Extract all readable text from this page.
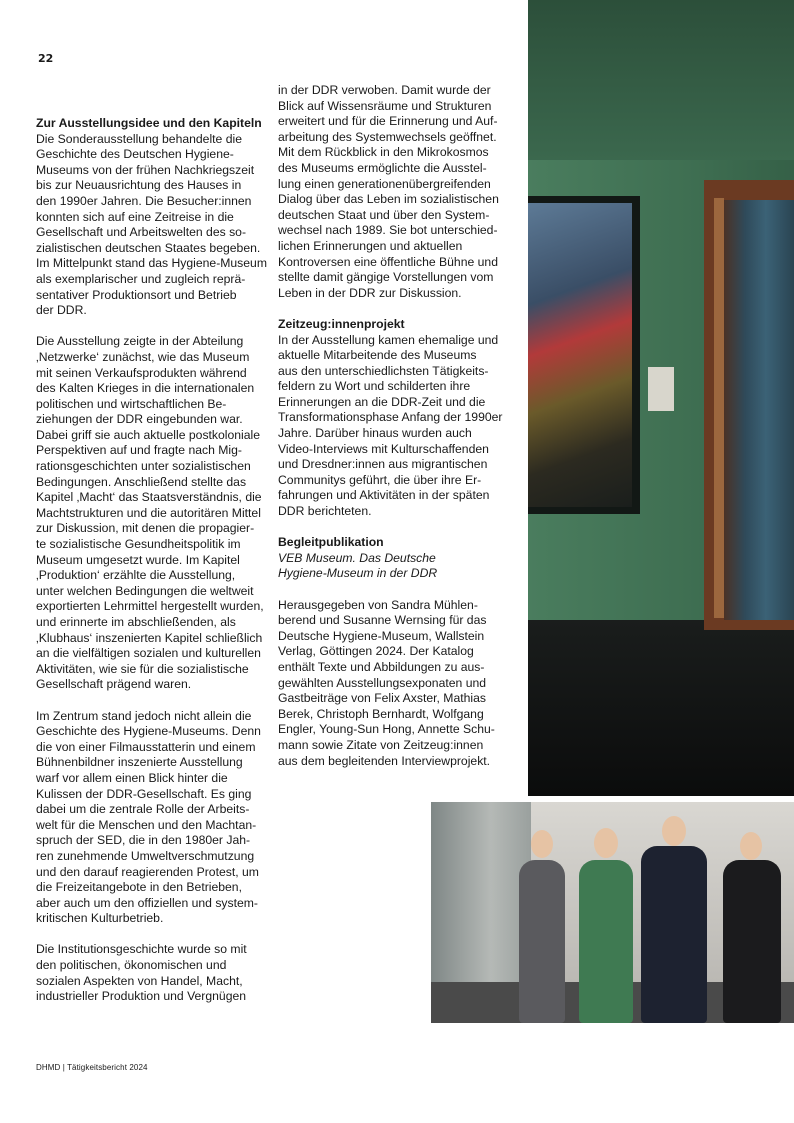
22
Zur Ausstellungsidee und den Kapiteln

Die Sonderausstellung behandelte die
Geschichte des Deutschen Hygiene-
Museums von der frühen Nachkriegszeit
bis zur Neuausrichtung des Hauses in
den 1990er Jahren. Die Besucher:innen
konnten sich auf eine Zeitreise in die
Gesellschaft und Arbeitswelten des so-
zialistischen deutschen Staates begeben.
Im Mittelpunkt stand das Hygiene-Museum
als exemplarischer und zugleich reprä-
sentativer Produktionsort und Betrieb
der DDR.

Die Ausstellung zeigte in der Abteilung
‚Netzwerke‘ zunächst, wie das Museum
mit seinen Verkaufsprodukten während
des Kalten Krieges in die internationalen
politischen und wirtschaftlichen Be-
ziehungen der DDR eingebunden war.
Dabei griff sie auch aktuelle postkoloniale
Perspektiven auf und fragte nach Mig-
rationsgeschichten unter sozialistischen
Bedingungen. Anschließend stellte das
Kapitel ‚Macht‘ das Staatsverständnis, die
Machtstrukturen und die autoritären Mittel
zur Diskussion, mit denen die propagier-
te sozialistische Gesundheitspolitik im
Museum umgesetzt wurde. Im Kapitel
‚Produktion‘ erzählte die Ausstellung,
unter welchen Bedingungen die weltweit
exportierten Lehrmittel hergestellt wurden,
und erinnerte im abschließenden, als
‚Klubhaus‘ inszenierten Kapitel schließlich
an die vielfältigen sozialen und kulturellen
Aktivitäten, wie sie für die sozialistische
Gesellschaft prägend waren.

Im Zentrum stand jedoch nicht allein die
Geschichte des Hygiene-Museums. Denn
die von einer Filmausstatterin und einem
Bühnenbildner inszenierte Ausstellung
warf vor allem einen Blick hinter die
Kulissen der DDR-Gesellschaft. Es ging
dabei um die zentrale Rolle der Arbeits-
welt für die Menschen und den Machtan-
spruch der SED, die in den 1980er Jah-
ren zunehmende Umweltverschmutzung
und den darauf reagierenden Protest, um
die Freizeitangebote in den Betrieben,
aber auch um den offiziellen und system-
kritischen Kulturbetrieb.

Die Institutionsgeschichte wurde so mit
den politischen, ökonomischen und
sozialen Aspekten von Handel, Macht,
industrieller Produktion und Vergnügen

in der DDR verwoben. Damit wurde der
Blick auf Wissensräume und Strukturen
erweitert und für die Erinnerung und Auf-
arbeitung des Systemwechsels geöffnet.
Mit dem Rückblick in den Mikrokosmos
des Museums ermöglichte die Ausstel-
lung einen generationenübergreifenden
Dialog über das Leben im sozialistischen
deutschen Staat und über den System-
wechsel nach 1989. Sie bot unterschied-
lichen Erinnerungen und aktuellen
Kontroversen eine öffentliche Bühne und
stellte damit gängige Vorstellungen vom
Leben in der DDR zur Diskussion.

Zeitzeug:innenprojekt

In der Ausstellung kamen ehemalige und
aktuelle Mitarbeitende des Museums
aus den unterschiedlichsten Tätigkeits-
feldern zu Wort und schilderten ihre
Erinnerungen an die DDR-Zeit und die
Transformationsphase Anfang der 1990er
Jahre. Darüber hinaus wurden auch
Video-Interviews mit Kulturschaffenden
und Dresdner:innen aus migrantischen
Communitys geführt, die über ihre Er-
fahrungen und Aktivitäten in der späten
DDR berichteten.

Begleitpublikation

VEB Museum. Das Deutsche
Hygiene-Museum in der DDR

Herausgegeben von Sandra Mühlen-
berend und Susanne Wernsing für das
Deutsche Hygiene-Museum, Wallstein
Verlag, Göttingen 2024. Der Katalog
enthält Texte und Abbildungen zu aus-
gewählten Ausstellungsexponaten und
Gastbeiträge von Felix Axster, Mathias
Berek, Christoph Bernhardt, Wolfgang
Engler, Young-Sun Hong, Annette Schu-
mann sowie Zitate von Zeitzeug:innen
aus dem begleitenden Interviewprojekt.

DHMD | Tätigkeitsbericht 2024
